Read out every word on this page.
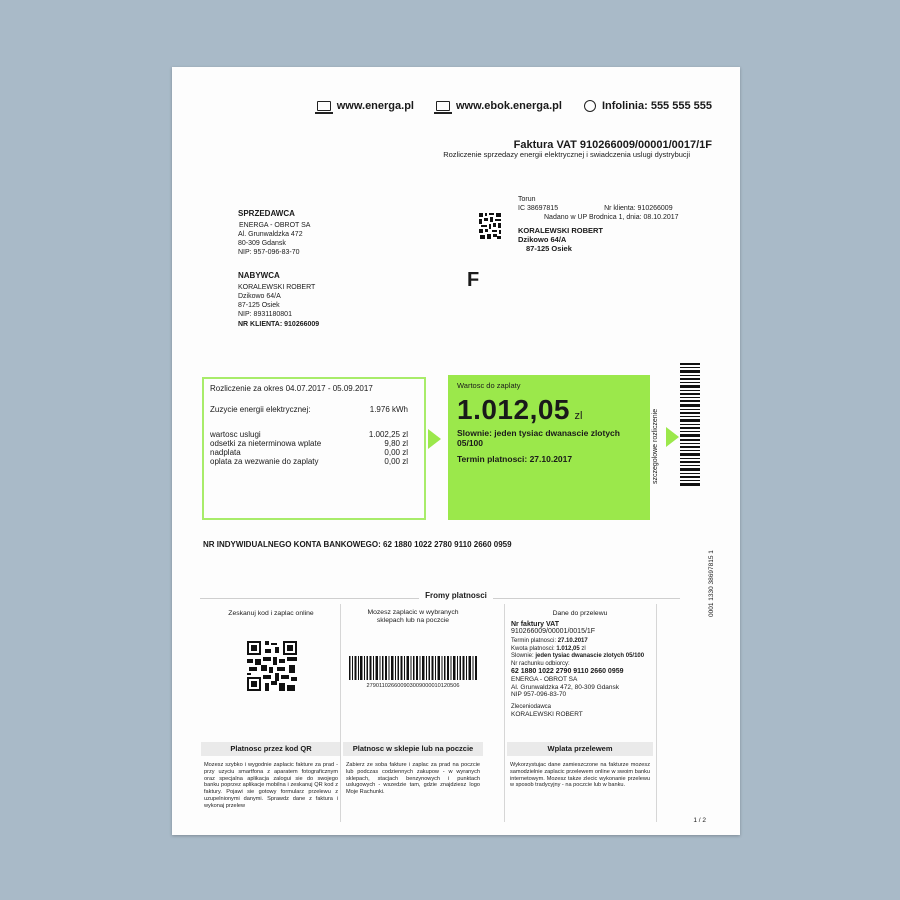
www.energa.pl	www.ebok.energa.pl	Infolinia: 555 555 555
Faktura VAT 910266009/00001/0017/1F
Rozliczenie sprzedazy energii elektrycznej i swiadczenia uslugi dystrybucji
SPRZEDAWCA
ENERGA - OBROT SA
Al. Grunwaldzka 472
80-309 Gdansk
NIP: 957-096-83-70
NABYWCA
KORALEWSKI ROBERT
Dzikowo 64/A
87-125 Osiek
NIP: 8931180801
NR KLIENTA: 910266009
Torun
IC 38697815	Nr klienta: 910266009
Nadano w UP Brodnica 1, dnia: 08.10.2017
KORALEWSKI ROBERT
Dzikowo 64/A
87-125 Osiek
F
Rozliczenie za okres 04.07.2017 - 05.09.2017
Zuzycie energii elektrycznej:	1.976 kWh
wartosc uslugi	1.002,25 zl
odsetki za nieterminowa wplate	9,80 zl
nadplata	0,00 zl
oplata za wezwanie do zaplaty	0,00 zl
Wartosc do zaplaty
1.012,05 zl
Slownie: jeden tysiac dwanascie zlotych 05/100
Termin platnosci: 27.10.2017	szczegolowe rozliczenie
0001 1330 38697815 1
NR INDYWIDUALNEGO KONTA BANKOWEGO: 62 1880 1022 2780 9110 2660 0959
Fromy platnosci
Zeskanuj kod i zaplac online
Platnosc przez kod QR
Mozesz szybko i wygodnie zaplacic fakture za prad - przy uzyciu smartfona z aparatem fotograficznym oraz specjalna aplikacja zalogui sie do swojego banku poprzez aplikacje mobilna i zeskanuj QR kod z faktury. Pojawi sie gotowy formularz przelewu z uzupelnionymi danymi. Sprawdz dane z faktura i wykonaj przelew
Mozesz zaplacic w wybranych sklepach lub na poczcie
279011026600903009000010120506
Platnosc w sklepie lub na poczcie
Zabierz ze soba fakture i zaplac za prad na poczcie lub podczas codziennych zakupow - w wyranych sklepach, stacjach benzynowych i punktach uslugowych - wszedzie tam, gdzie znajdziesz logo Moje Rachunki.
Dane do przelewu
Nr faktury VAT
910266009/00001/0015/1F
Termin platnosci: 27.10.2017
Kwota platnosci: 1.012,05 zl
Slownie: jeden tysiac dwanascie zlotych 05/100
Nr rachunku odbiorcy:
62 1880 1022 2790 9110 2660 0959
ENERGA - OBROT SA
Al. Grunwaldzka 472, 80-309 Gdansk
NIP 957-096-83-70
Zleceniodawca
KORALEWSKI ROBERT
Wplata przelewem
Wykorzystujac dane zamieszczone na fakturze mozesz samodzielnie zaplacic przelewem online w swoim banku internetowym. Mozesz takze zlecic wykonanie przelewu w sposob tradycyjny - na poczcie lub w banku.
1 / 2
